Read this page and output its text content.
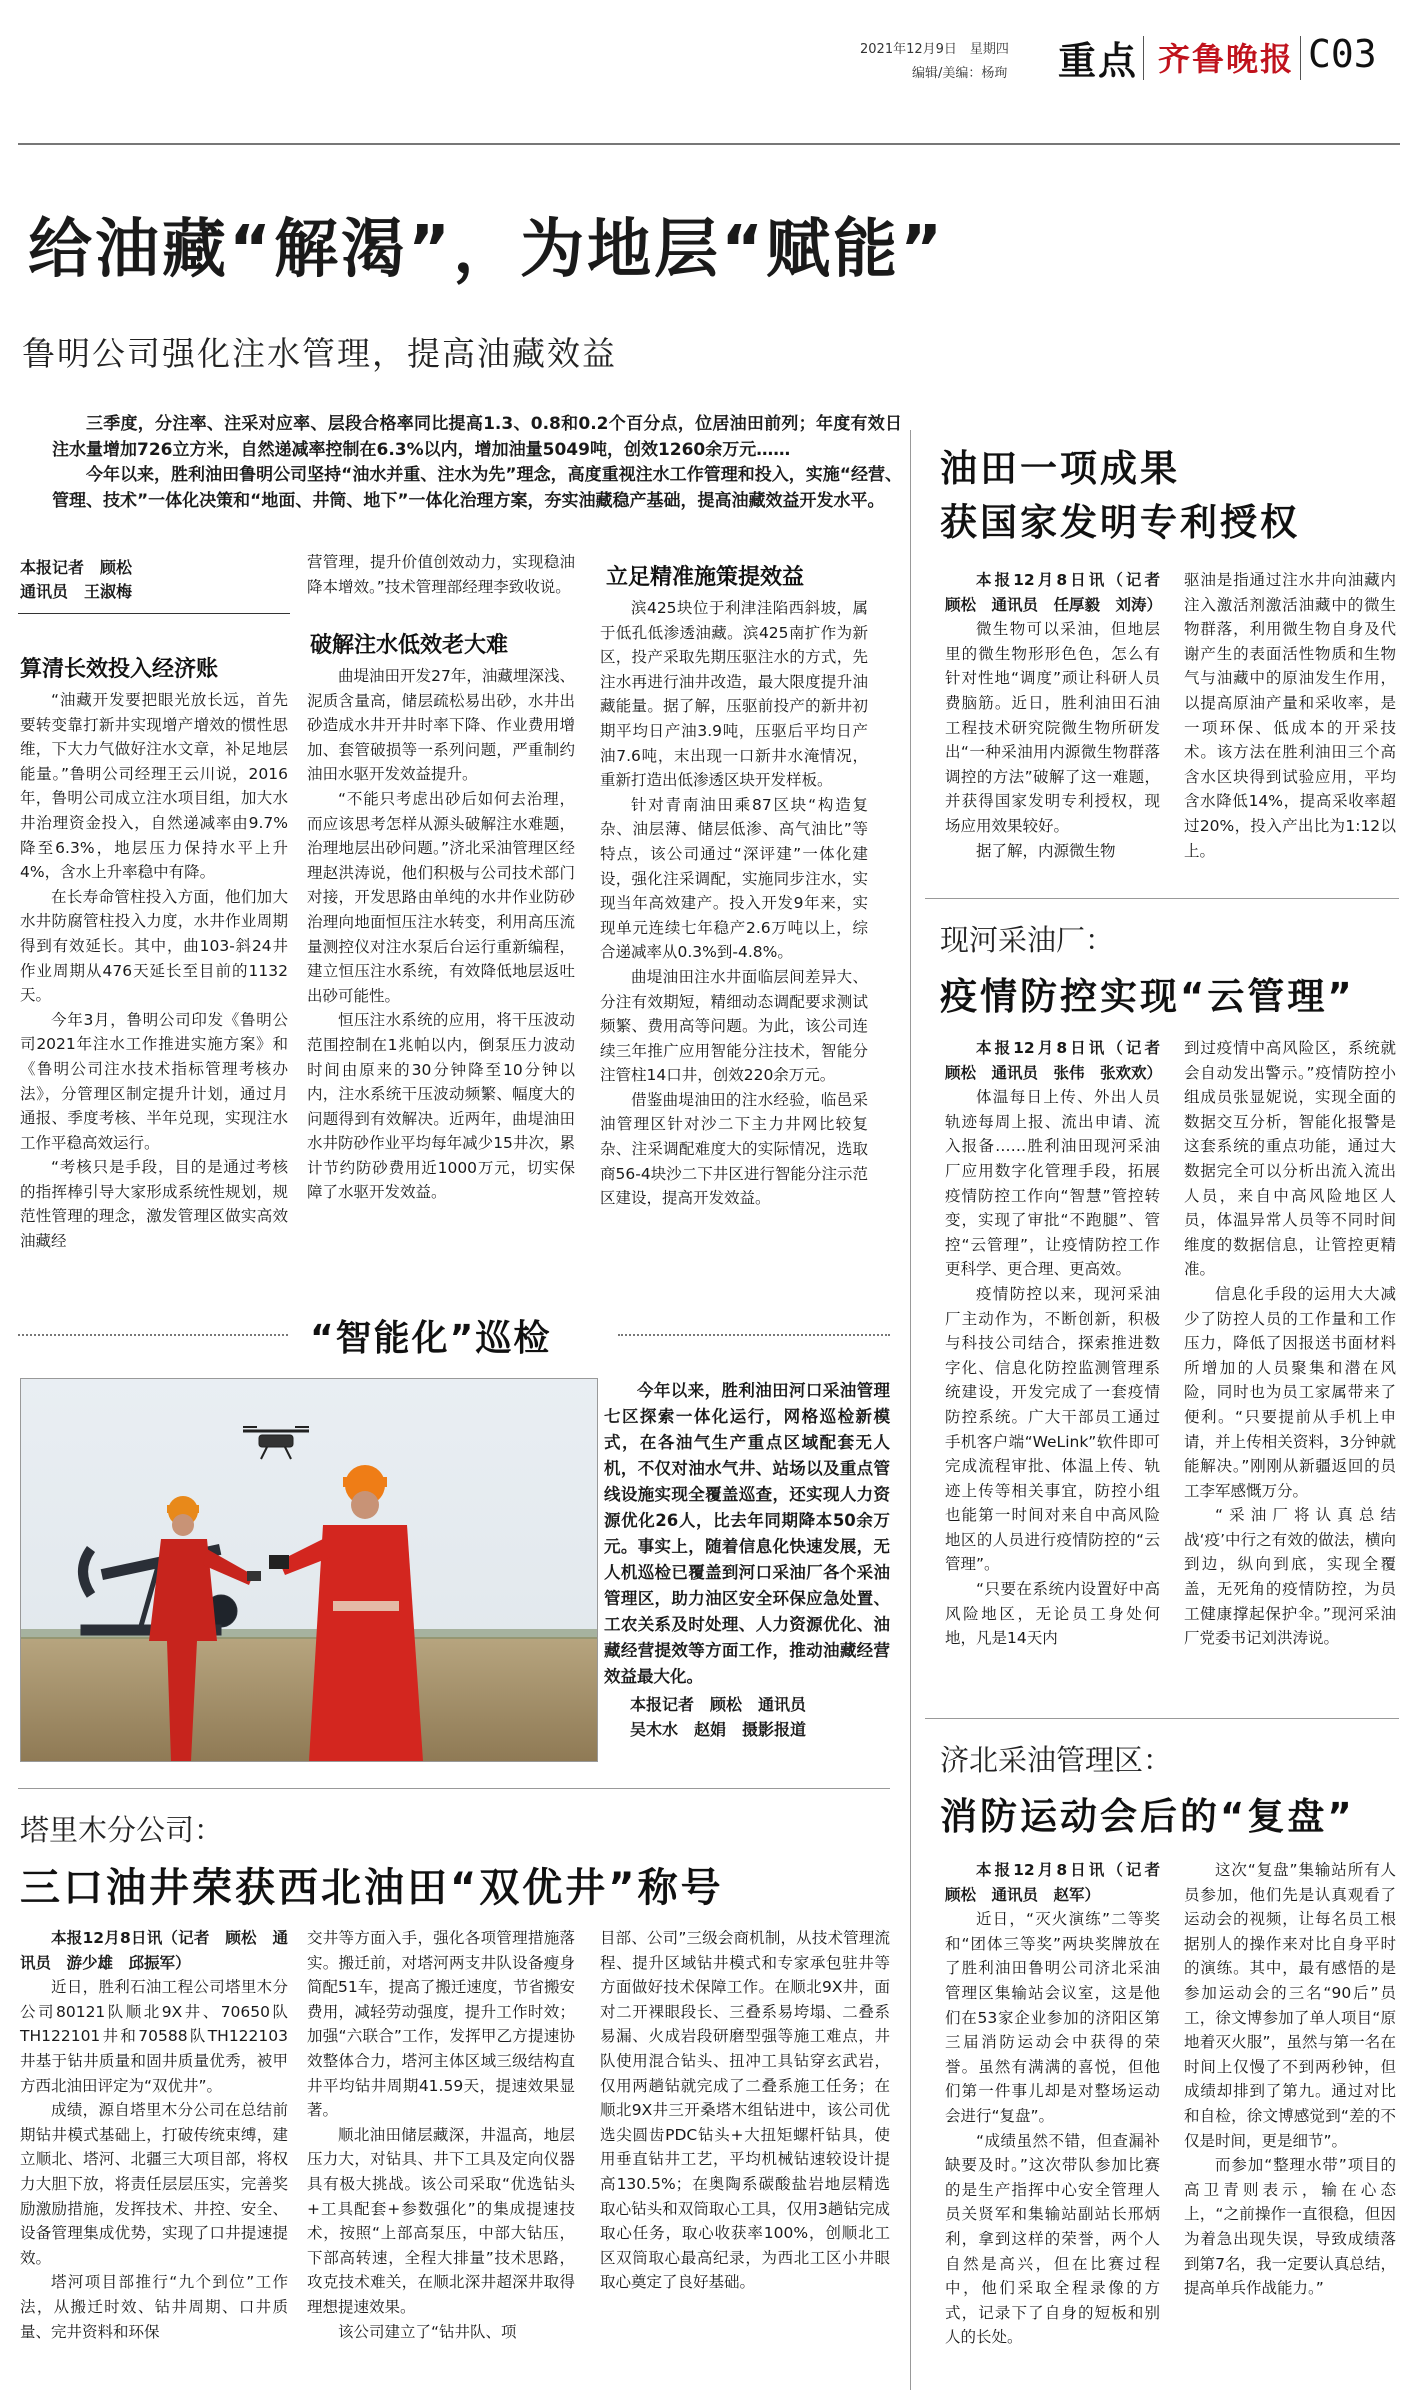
2021年12月9日　星期四
编辑/美编：杨珣 重点 齐鲁晚报 C03
给油藏“解渴”，为地层“赋能”
鲁明公司强化注水管理，提高油藏效益

三季度，分注率、注采对应率、层段合格率同比提高1.3、0.8和0.2个百分点，位居油田前列；年度有效日注水量增加726立方米，自然递减率控制在6.3%以内，增加油量5049吨，创效1260余万元……

今年以来，胜利油田鲁明公司坚持“油水并重、注水为先”理念，高度重视注水工作管理和投入，实施“经营、管理、技术”一体化决策和“地面、井筒、地下”一体化治理方案，夯实油藏稳产基础，提高油藏效益开发水平。

本报记者　顾松
通讯员　王淑梅
算清长效投入经济账

“油藏开发要把眼光放长远，首先要转变靠打新井实现增产增效的惯性思维，下大力气做好注水文章，补足地层能量。”鲁明公司经理王云川说，2016年，鲁明公司成立注水项目组，加大水井治理资金投入，自然递减率由9.7%降至6.3%，地层压力保持水平上升4%，含水上升率稳中有降。

在长寿命管柱投入方面，他们加大水井防腐管柱投入力度，水井作业周期得到有效延长。其中，曲103-斜24井作业周期从476天延长至目前的1132天。

今年3月，鲁明公司印发《鲁明公司2021年注水工作推进实施方案》和《鲁明公司注水技术指标管理考核办法》，分管理区制定提升计划，通过月通报、季度考核、半年兑现，实现注水工作平稳高效运行。

“考核只是手段，目的是通过考核的指挥棒引导大家形成系统性规划，规范性管理的理念，激发管理区做实高效油藏经

营管理，提升价值创效动力，实现稳油降本增效。”技术管理部经理李致收说。

破解注水低效老大难

曲堤油田开发27年，油藏埋深浅、泥质含量高，储层疏松易出砂，水井出砂造成水井开井时率下降、作业费用增加、套管破损等一系列问题，严重制约油田水驱开发效益提升。

“不能只考虑出砂后如何去治理，而应该思考怎样从源头破解注水难题，治理地层出砂问题。”济北采油管理区经理赵洪涛说，他们积极与公司技术部门对接，开发思路由单纯的水井作业防砂治理向地面恒压注水转变，利用高压流量测控仪对注水泵后台运行重新编程，建立恒压注水系统，有效降低地层返吐出砂可能性。

恒压注水系统的应用，将干压波动范围控制在1兆帕以内，倒泵压力波动时间由原来的30分钟降至10分钟以内，注水系统干压波动频繁、幅度大的问题得到有效解决。近两年，曲堤油田水井防砂作业平均每年减少15井次，累计节约防砂费用近1000万元，切实保障了水驱开发效益。

立足精准施策提效益

滨425块位于利津洼陷西斜坡，属于低孔低渗透油藏。滨425南扩作为新区，投产采取先期压驱注水的方式，先注水再进行油井改造，最大限度提升油藏能量。据了解，压驱前投产的新井初期平均日产油3.9吨，压驱后平均日产油7.6吨，末出现一口新井水淹情况，重新打造出低渗透区块开发样板。

针对青南油田乘87区块“构造复杂、油层薄、储层低渗、高气油比”等特点，该公司通过“深评建”一体化建设，强化注采调配，实施同步注水，实现当年高效建产。投入开发9年来，实现单元连续七年稳产2.6万吨以上，综合递减率从0.3%到-4.8%。

曲堤油田注水井面临层间差异大、分注有效期短，精细动态调配要求测试频繁、费用高等问题。为此，该公司连续三年推广应用智能分注技术，智能分注管柱14口井，创效220余万元。

借鉴曲堤油田的注水经验，临邑采油管理区针对沙二下主力井网比较复杂、注采调配难度大的实际情况，选取商56-4块沙二下井区进行智能分注示范区建设，提高开发效益。

“智能化”巡检

今年以来，胜利油田河口采油管理七区探索一体化运行，网格巡检新模式，在各油气生产重点区域配套无人机，不仅对油水气井、站场以及重点管线设施实现全覆盖巡查，还实现人力资源优化26人，比去年同期降本50余万元。事实上，随着信息化快速发展，无人机巡检已覆盖到河口采油厂各个采油管理区，助力油区安全环保应急处置、工农关系及时处理、人力资源优化、油藏经营提效等方面工作，推动油藏经营效益最大化。

本报记者　顾松　通讯员
吴木水　赵娟　摄影报道
塔里木分公司：
三口油井荣获西北油田“双优井”称号

本报12月8日讯（记者　顾松　通讯员　游少雄　邱振军）

近日，胜利石油工程公司塔里木分公司80121队顺北9X井、70650队TH122101井和70588队TH122103井基于钻井质量和固井质量优秀，被甲方西北油田评定为“双优井”。

成绩，源自塔里木分公司在总结前期钻井模式基础上，打破传统束缚，建立顺北、塔河、北疆三大项目部，将权力大胆下放，将责任层层压实，完善奖励激励措施，发挥技术、井控、安全、设备管理集成优势，实现了口井提速提效。

塔河项目部推行“九个到位”工作法，从搬迁时效、钻井周期、口井质量、完井资料和环保

交井等方面入手，强化各项管理措施落实。搬迁前，对塔河两支井队设备瘦身简配51车，提高了搬迁速度，节省搬安费用，减轻劳动强度，提升工作时效；加强“六联合”工作，发挥甲乙方提速协效整体合力，塔河主体区域三级结构直井平均钻井周期41.59天，提速效果显著。

顺北油田储层藏深，井温高，地层压力大，对钻具、井下工具及定向仪器具有极大挑战。该公司采取“优选钻头+工具配套+参数强化”的集成提速技术，按照“上部高泵压，中部大钻压，下部高转速，全程大排量”技术思路，攻克技术难关，在顺北深井超深井取得理想提速效果。

该公司建立了“钻井队、项

目部、公司”三级会商机制，从技术管理流程、提升区域钻井模式和专家承包驻井等方面做好技术保障工作。在顺北9X井，面对二开裸眼段长、三叠系易垮塌、二叠系易漏、火成岩段研磨型强等施工难点，井队使用混合钻头、扭冲工具钻穿玄武岩，仅用两趟钻就完成了二叠系施工任务；在顺北9X井三开桑塔木组钻进中，该公司优选尖圆齿PDC钻头+大扭矩螺杆钻具，使用垂直钻井工艺，平均机械钻速较设计提高130.5%；在奥陶系碳酸盐岩地层精选取心钻头和双筒取心工具，仅用3趟钻完成取心任务，取心收获率100%，创顺北工区双筒取心最高纪录，为西北工区小井眼取心奠定了良好基础。

油田一项成果
获国家发明专利授权

本报12月8日讯（记者　顾松　通讯员　任厚毅　刘涛）

微生物可以采油，但地层里的微生物形形色色，怎么有针对性地“调度”顽让科研人员费脑筋。近日，胜利油田石油工程技术研究院微生物所研发出“一种采油用内源微生物群落调控的方法”破解了这一难题，并获得国家发明专利授权，现场应用效果较好。

据了解，内源微生物

驱油是指通过注水井向油藏内注入激活剂激活油藏中的微生物群落，利用微生物自身及代谢产生的表面活性物质和生物气与油藏中的原油发生作用，以提高原油产量和采收率，是一项环保、低成本的开采技术。该方法在胜利油田三个高含水区块得到试验应用，平均含水降低14%，提高采收率超过20%，投入产出比为1:12以上。

现河采油厂：
疫情防控实现“云管理”

本报12月8日讯（记者　顾松　通讯员　张伟　张欢欢）

体温每日上传、外出人员轨迹每周上报、流出申请、流入报备……胜利油田现河采油厂应用数字化管理手段，拓展疫情防控工作向“智慧”管控转变，实现了审批“不跑腿”、管控“云管理”，让疫情防控工作更科学、更合理、更高效。

疫情防控以来，现河采油厂主动作为，不断创新，积极与科技公司结合，探索推进数字化、信息化防控监测管理系统建设，开发完成了一套疫情防控系统。广大干部员工通过手机客户端“WeLink”软件即可完成流程审批、体温上传、轨迹上传等相关事宜，防控小组也能第一时间对来自中高风险地区的人员进行疫情防控的“云管理”。

“只要在系统内设置好中高风险地区，无论员工身处何地，凡是14天内

到过疫情中高风险区，系统就会自动发出警示。”疫情防控小组成员张显妮说，实现全面的数据交互分析，智能化报警是这套系统的重点功能，通过大数据完全可以分析出流入流出人员，来自中高风险地区人员，体温异常人员等不同时间维度的数据信息，让管控更精准。

信息化手段的运用大大减少了防控人员的工作量和工作压力，降低了因报送书面材料所增加的人员聚集和潜在风险，同时也为员工家属带来了便利。“只要提前从手机上申请，并上传相关资料，3分钟就能解决。”刚刚从新疆返回的员工李军感慨万分。

“采油厂将认真总结战‘疫’中行之有效的做法，横向到边，纵向到底，实现全覆盖，无死角的疫情防控，为员工健康撑起保护伞。”现河采油厂党委书记刘洪涛说。

济北采油管理区：
消防运动会后的“复盘”

本报12月8日讯（记者　顾松　通讯员　赵军）

近日，“灭火演练”二等奖和“团体三等奖”两块奖牌放在了胜利油田鲁明公司济北采油管理区集输站会议室，这是他们在53家企业参加的济阳区第三届消防运动会中获得的荣誉。虽然有满满的喜悦，但他们第一件事儿却是对整场运动会进行“复盘”。

“成绩虽然不错，但查漏补缺要及时。”这次带队参加比赛的是生产指挥中心安全管理人员关贤军和集输站副站长邢炳利，拿到这样的荣誉，两个人自然是高兴，但在比赛过程中，他们采取全程录像的方式，记录下了自身的短板和别人的长处。

这次“复盘”集输站所有人员参加，他们先是认真观看了运动会的视频，让每名员工根据别人的操作来对比自身平时的演练。其中，最有感悟的是参加运动会的三名“90后”员工，徐文博参加了单人项目“原地着灭火服”，虽然与第一名在时间上仅慢了不到两秒钟，但成绩却排到了第九。通过对比和自检，徐文博感觉到“差的不仅是时间，更是细节”。

而参加“整理水带”项目的高卫青则表示，输在心态上，“之前操作一直很稳，但因为着急出现失误，导致成绩落到第7名，我一定要认真总结，提高单兵作战能力。”
